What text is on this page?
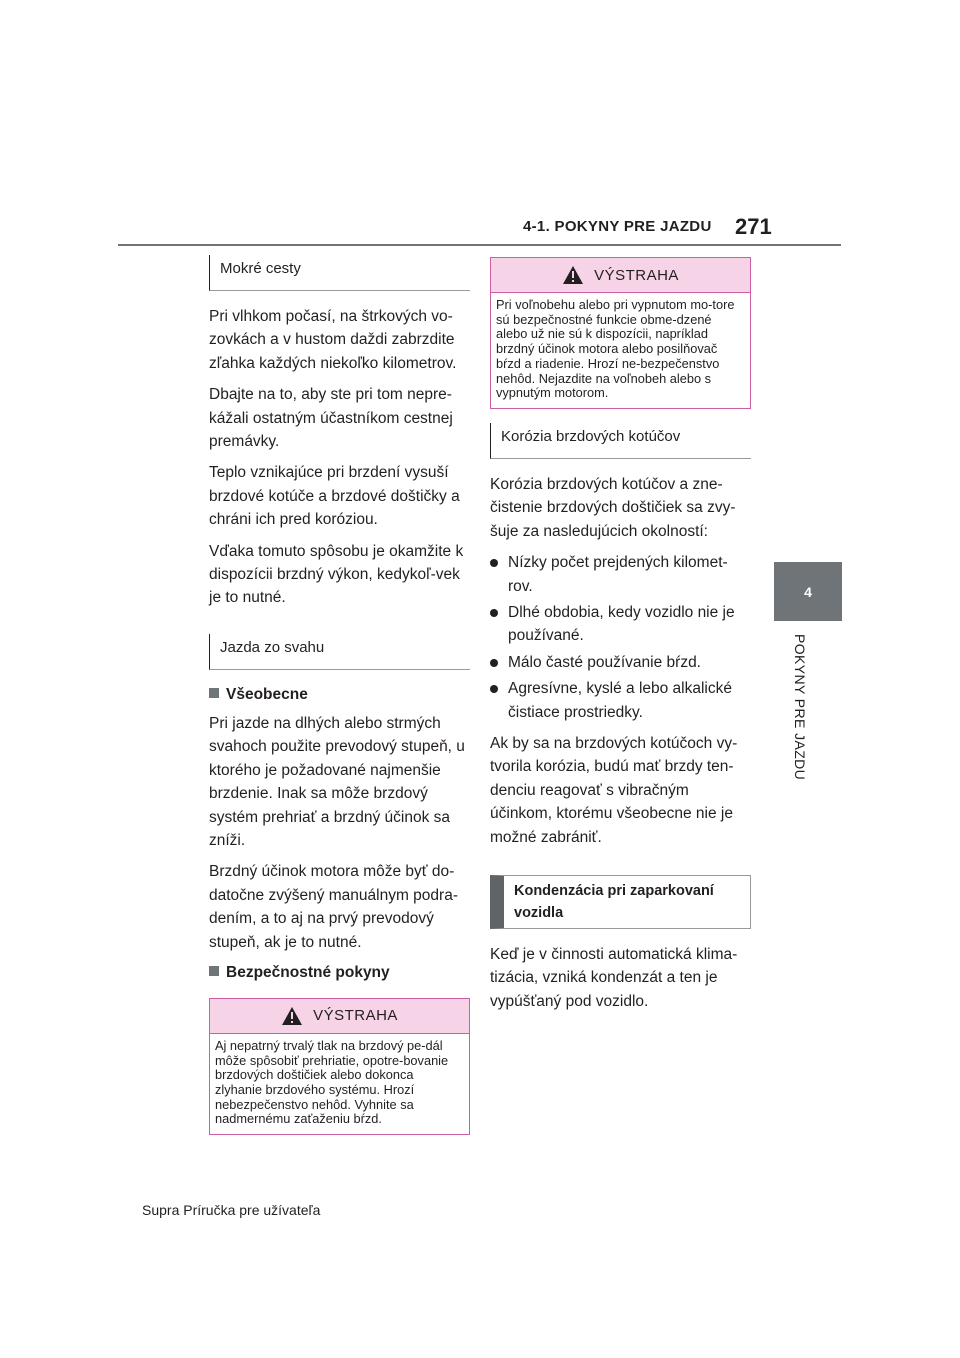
4-1. POKYNY PRE JAZDU 271
4
POKYNY PRE JAZDU
Mokré cesty

Pri vlhkom počasí, na štrkových vo-zovkách a v hustom daždi zabrzdite zľahka každých niekoľko kilometrov.

Dbajte na to, aby ste pri tom nepre-kážali ostatným účastníkom cestnej premávky.

Teplo vznikajúce pri brzdení vysuší brzdové kotúče a brzdové doštičky a chráni ich pred koróziou.

Vďaka tomuto spôsobu je okamžite k dispozícii brzdný výkon, kedykoľ-vek je to nutné.

Jazda zo svahu
Všeobecne

Pri jazde na dlhých alebo strmých svahoch použite prevodový stupeň, u ktorého je požadované najmenšie brzdenie. Inak sa môže brzdový systém prehriať a brzdný účinok sa zníži.

Brzdný účinok motora môže byť do-datočne zvýšený manuálnym podra-dením, a to aj na prvý prevodový stupeň, ak je to nutné.

Bezpečnostné pokyny
VÝSTRAHA
Aj nepatrný trvalý tlak na brzdový pe-dál môže spôsobiť prehriatie, opotre-bovanie brzdových doštičiek alebo dokonca zlyhanie brzdového systému. Hrozí nebezpečenstvo nehôd. Vyhnite sa nadmernému zaťaženiu bŕzd.
VÝSTRAHA
Pri voľnobehu alebo pri vypnutom mo-tore sú bezpečnostné funkcie obme-dzené alebo už nie sú k dispozícii, napríklad brzdný účinok motora alebo posilňovač bŕzd a riadenie. Hrozí ne-bezpečenstvo nehôd. Nejazdite na voľnobeh alebo s vypnutým motorom.
Korózia brzdových kotúčov

Korózia brzdových kotúčov a zne-čistenie brzdových doštičiek sa zvy-šuje za nasledujúcich okolností:

Nízky počet prejdených kilomet-rov.
Dlhé obdobia, kedy vozidlo nie je používané.
Málo časté používanie bŕzd.
Agresívne, kyslé a lebo alkalické čistiace prostriedky.

Ak by sa na brzdových kotúčoch vy-tvorila korózia, budú mať brzdy ten-denciu reagovať s vibračným účinkom, ktorému všeobecne nie je možné zabrániť.

Kondenzácia pri zaparkovaní vozidla

Keď je v činnosti automatická klima-tizácia, vzniká kondenzát a ten je vypúšťaný pod vozidlo.

Supra Príručka pre užívateľa
